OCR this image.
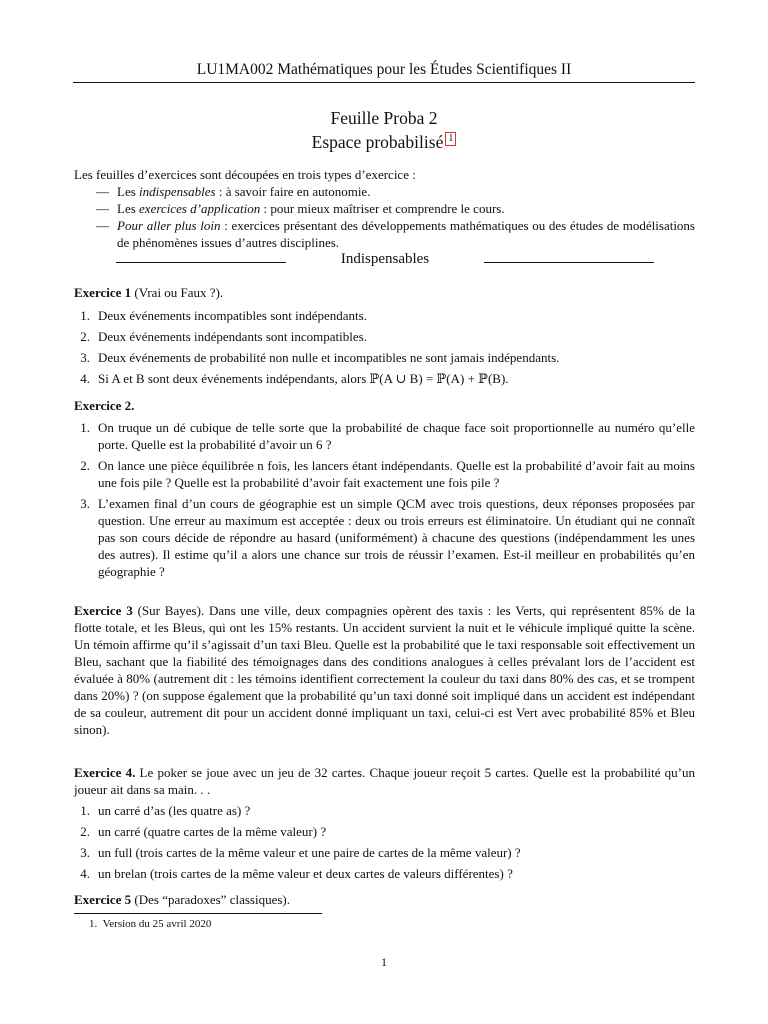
LU1MA002 Mathématiques pour les Études Scientifiques II
Feuille Proba 2
Espace probabilisé 1

Les feuilles d’exercices sont découpées en trois types d’exercice :

— Les indispensables : à savoir faire en autonomie.
— Les exercices d’application : pour mieux maîtriser et comprendre le cours.
— Pour aller plus loin : exercices présentant des développements mathématiques ou des études de modélisations de phénomènes issues d’autres disciplines.
Indispensables

Exercice 1 (Vrai ou Faux ?).

1. Deux événements incompatibles sont indépendants.
2. Deux événements indépendants sont incompatibles.
3. Deux événements de probabilité non nulle et incompatibles ne sont jamais indépendants.
4. Si A et B sont deux événements indépendants, alors ℙ(A ∪ B) = ℙ(A) + ℙ(B).

Exercice 2.

1. On truque un dé cubique de telle sorte que la probabilité de chaque face soit proportionnelle au numéro qu’elle porte. Quelle est la probabilité d’avoir un 6 ?
2. On lance une pièce équilibrée n fois, les lancers étant indépendants. Quelle est la probabilité d’avoir fait au moins une fois pile ? Quelle est la probabilité d’avoir fait exactement une fois pile ?
3. L’examen final d’un cours de géographie est un simple QCM avec trois questions, deux réponses proposées par question. Une erreur au maximum est acceptée : deux ou trois erreurs est éliminatoire. Un étudiant qui ne connaît pas son cours décide de répondre au hasard (uniformément) à chacune des questions (indépendamment les unes des autres). Il estime qu’il a alors une chance sur trois de réussir l’examen. Est-il meilleur en probabilités qu’en géographie ?

Exercice 3 (Sur Bayes). Dans une ville, deux compagnies opèrent des taxis : les Verts, qui représentent 85% de la flotte totale, et les Bleus, qui ont les 15% restants. Un accident survient la nuit et le véhicule impliqué quitte la scène. Un témoin affirme qu’il s’agissait d’un taxi Bleu. Quelle est la probabilité que le taxi responsable soit effectivement un Bleu, sachant que la fiabilité des témoignages dans des conditions analogues à celles prévalant lors de l’accident est évaluée à 80% (autrement dit : les témoins identifient correctement la couleur du taxi dans 80% des cas, et se trompent dans 20%) ? (on suppose également que la probabilité qu’un taxi donné soit impliqué dans un accident est indépendant de sa couleur, autrement dit pour un accident donné impliquant un taxi, celui-ci est Vert avec probabilité 85% et Bleu sinon).

Exercice 4. Le poker se joue avec un jeu de 32 cartes. Chaque joueur reçoit 5 cartes. Quelle est la probabilité qu’un joueur ait dans sa main. . .

1. un carré d’as (les quatre as) ?
2. un carré (quatre cartes de la même valeur) ?
3. un full (trois cartes de la même valeur et une paire de cartes de la même valeur) ?
4. un brelan (trois cartes de la même valeur et deux cartes de valeurs différentes) ?

Exercice 5 (Des “paradoxes” classiques).

1. Version du 25 avril 2020
1
